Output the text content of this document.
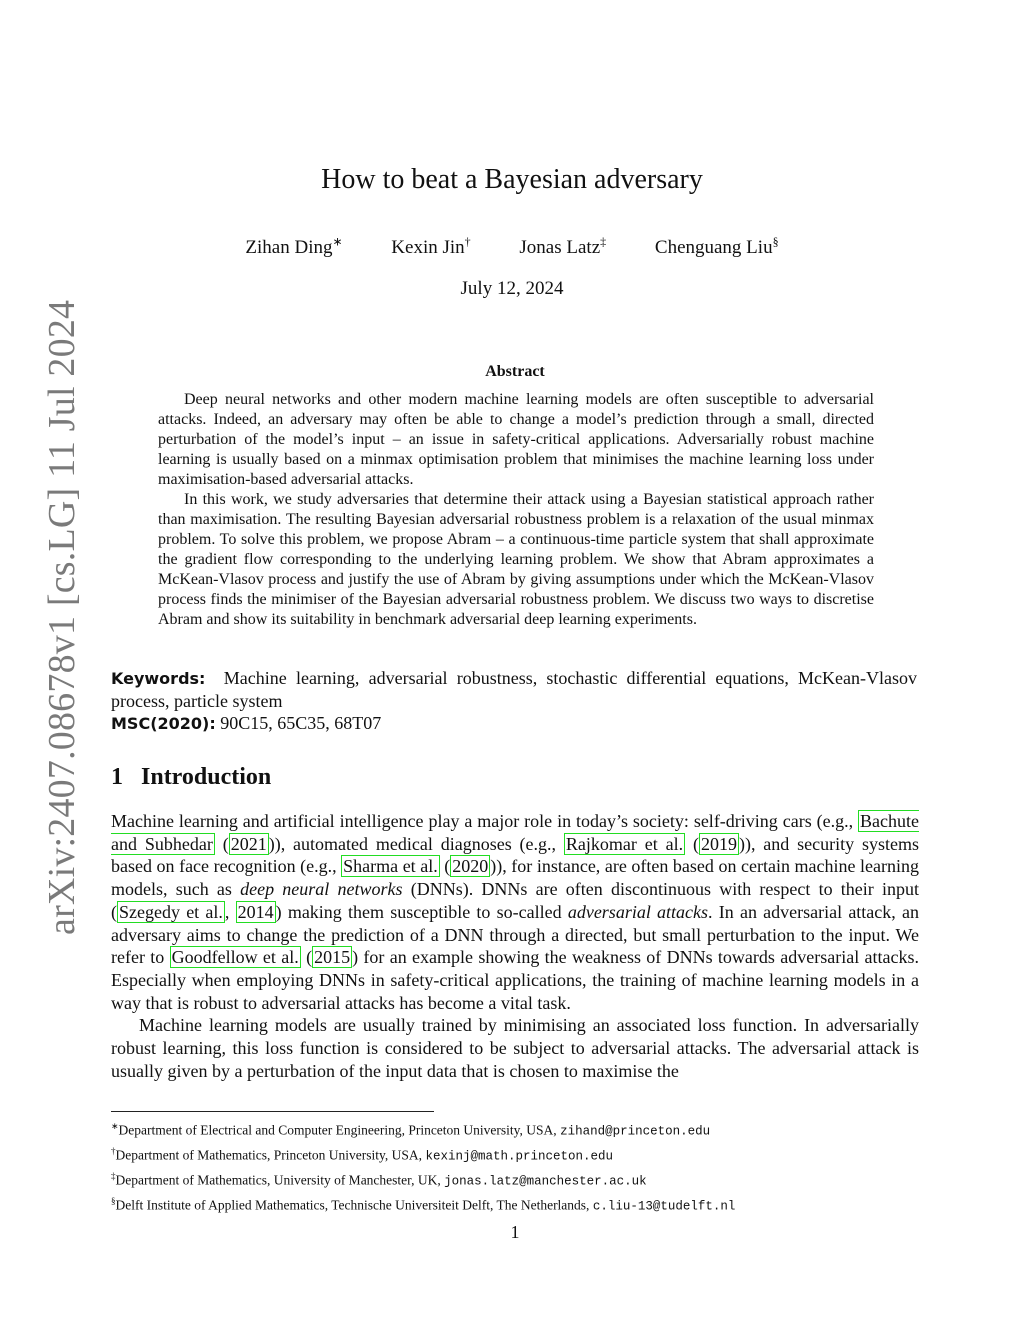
arXiv:2407.08678v1 [cs.LG] 11 Jul 2024
How to beat a Bayesian adversary
Zihan Ding∗	Kexin Jin†	Jonas Latz‡	Chenguang Liu§
July 12, 2024
Abstract

Deep neural networks and other modern machine learning models are often susceptible to adversarial attacks. Indeed, an adversary may often be able to change a model’s prediction through a small, directed perturbation of the model’s input – an issue in safety-critical applications. Adversarially robust machine learning is usually based on a minmax optimisation problem that minimises the machine learning loss under maximisation-based adversarial attacks.

In this work, we study adversaries that determine their attack using a Bayesian statistical approach rather than maximisation. The resulting Bayesian adversarial robustness problem is a relaxation of the usual minmax problem. To solve this problem, we propose Abram – a continuous-time particle system that shall approximate the gradient flow corresponding to the underlying learning problem. We show that Abram approximates a McKean-Vlasov process and justify the use of Abram by giving assumptions under which the McKean-Vlasov process finds the minimiser of the Bayesian adversarial robustness problem. We discuss two ways to discretise Abram and show its suitability in benchmark adversarial deep learning experiments.

Keywords: Machine learning, adversarial robustness, stochastic differential equations, McKean-Vlasov process, particle system

MSC(2020): 90C15, 65C35, 68T07

1 Introduction

Machine learning and artificial intelligence play a major role in today’s society: self-driving cars (e.g., Bachute and Subhedar ( 2021 )), automated medical diagnoses (e.g., Rajkomar et al. ( 2019 )), and security systems based on face recognition (e.g., Sharma et al. ( 2020 )), for instance, are often based on certain machine learning models, such as deep neural networks (DNNs). DNNs are often discontinuous with respect to their input ( Szegedy et al. , 2014 ) making them susceptible to so-called adversarial attacks. In an adversarial attack, an adversary aims to change the prediction of a DNN through a directed, but small perturbation to the input. We refer to Goodfellow et al. ( 2015 ) for an example showing the weakness of DNNs towards adversarial attacks. Especially when employing DNNs in safety-critical applications, the training of machine learning models in a way that is robust to adversarial attacks has become a vital task.

Machine learning models are usually trained by minimising an associated loss function. In adversarially robust learning, this loss function is considered to be subject to adversarial attacks. The adversarial attack is usually given by a perturbation of the input data that is chosen to maximise the

∗Department of Electrical and Computer Engineering, Princeton University, USA, zihand@princeton.edu
†Department of Mathematics, Princeton University, USA, kexinj@math.princeton.edu
‡Department of Mathematics, University of Manchester, UK, jonas.latz@manchester.ac.uk
§Delft Institute of Applied Mathematics, Technische Universiteit Delft, The Netherlands, c.liu-13@tudelft.nl
1
